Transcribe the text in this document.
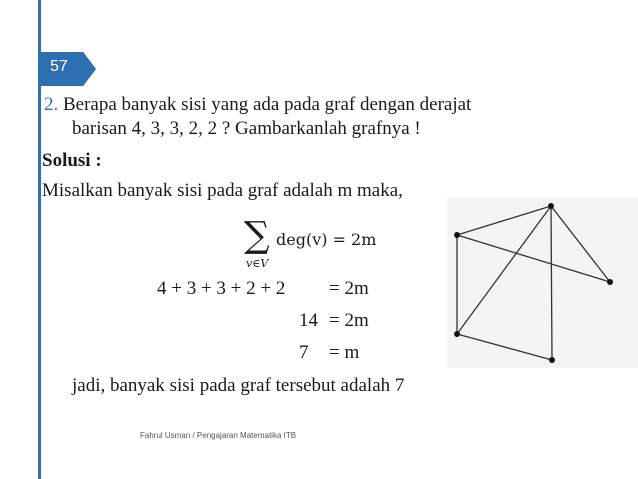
57
2. Berapa banyak sisi yang ada pada graf dengan derajat
barisan 4, 3, 3, 2, 2 ? Gambarkanlah grafnya !
Solusi :
Misalkan banyak sisi pada graf adalah m maka,
∑
v∈V
deg(v) = 2m
4 + 3 + 3 + 2 + 2 = 2m
14 = 2m
7 = m
jadi, banyak sisi pada graf tersebut adalah 7
Fahrul Usman / Pengajaran Matematika ITB
